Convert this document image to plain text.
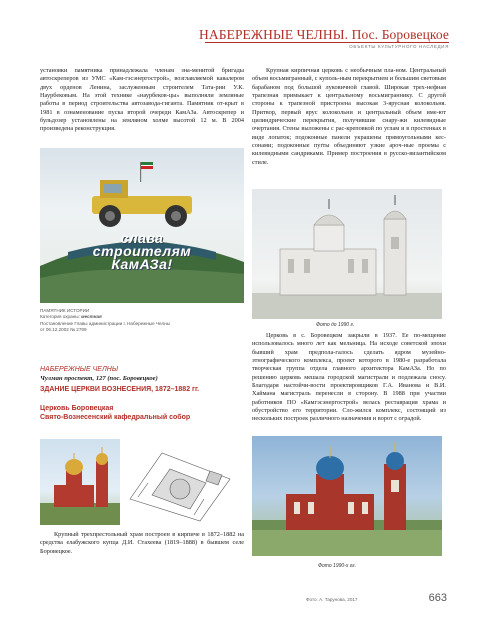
НАБЕРЕЖНЫЕ ЧЕЛНЫ. Пос. Боровецкое
ОБЪЕКТЫ КУЛЬТУРНОГО НАСЛЕДИЯ
установки памятника принадлежала членам зна-менитой бригады автоскреперов из УМС «Кам-гэсэнергострой», возглавляемой кавалером двух орденов Ленина, заслуженным строителем Тата-рии У.К. Наурбековым. На этой технике «наурбеков-цы» выполняли земляные работы в период строительства автозавода-гиганта. Памятник от-крыт в 1981 в ознаменование пуска второй очереди КамАЗа. Автоскрепер и бульдозер установлены на земляном холме высотой 12 м. В 2004 произведена реконструкция.
Крупная кирпичная церковь с необычным пла-ном. Центральный объем восьмигранный, с куполь-ным перекрытием и большим световым барабаном под большой луковичной главой. Широкая трех-нефная трапезная примыкает к центральному восьмиграннику. С другой стороны к трапезной пристроена высокая 3-ярусная колокольня. Притвор, первый ярус колокольни и центральный объем име-ют цилиндрические перекрытия, получившие снару-жи килевидные очертания. Стены выложены с рас-креповкой по углам и в простенках в виде лопаток; подоконные панели украшены прямоугольными кес-сонами; подоконные пуґты объединяют узкие арoч-ные проемы с килевидными сандриками. Пример построения в русско-византийском стиле.
слава
строителям
КамАЗа!
Фото до 1990 г.
ПАМЯТНИК ИСТОРИИ
Категория охраны: местная
Постановление Главы администрации г. Набережные Челны
от 06.12.2002 № 2799
НАБЕРЕЖНЫЕ ЧЕЛНЫ
Чулман проспект, 127 (пос. Боровецкое)
ЗДАНИЕ ЦЕРКВИ ВОЗНЕСЕНИЯ, 1872–1882 гг.
Церковь Боровецкая
Свято-Вознесенский кафедральный собор
Церковь в с. Боровецком закрыли в 1937. Ее по-мещение использовалось много лет как мельница. На исходе советской эпохи бывший храм предпола-галось сделать ядром музейно-этнографического комплекса, проект которого в 1980-е разработала творческая группа отдела главного архитектора КамАЗа. Но по решению церковь мешала городской магистрали и подлежала сносу. Благодаря настойчи-вости проектировщиков Г.А. Иванова и В.И. Хаймана магистраль перенесли в сторону. В 1988 при участии работников ПО «Камгэсэнергострой» велась реставрация храма и обустройство его территории. Сло-жился комплекс, состоящий из нескольких построек различного назначения и ворот с оградой.
Крупный трехпрестольный храм построен в кирпиче в 1872–1882 на средства елабужского купца Д.И. Стахеева (1819–1888) в бывшем селе Боровецкое.
Фото 1990-х гг.
Фото: А. Тарунова, 2017	663
